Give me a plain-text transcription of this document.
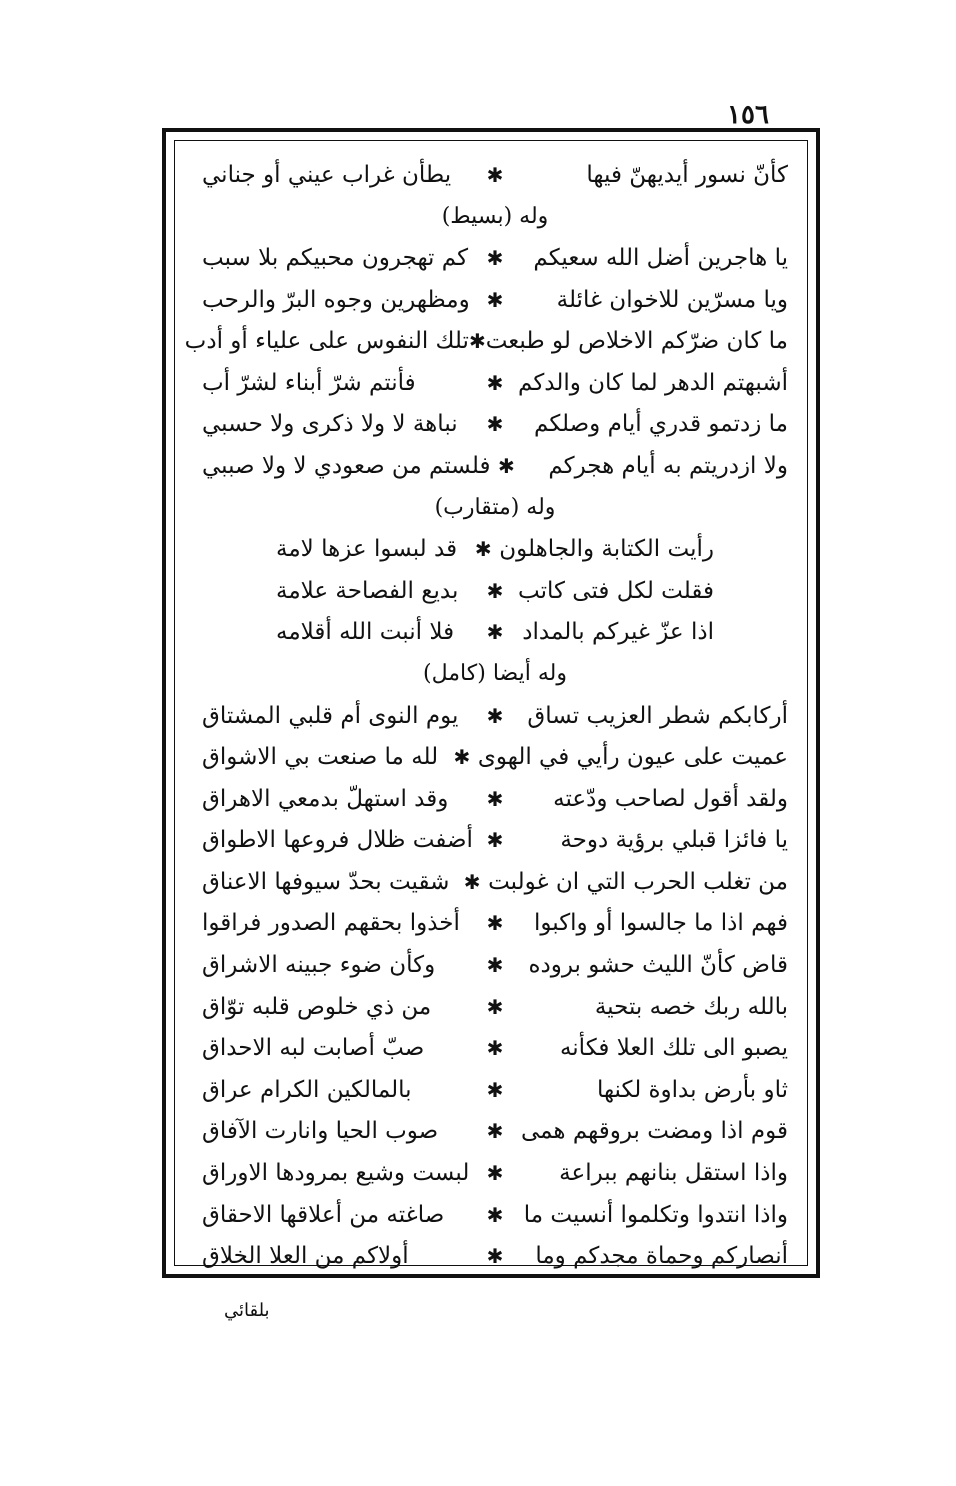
١٥٦
كأنّ نسور أيديهنّ فيها
✱
يطأن غراب عيني أو جناني
وله (بسيط)
يا هاجرين أضل الله سعيكم
✱
كم تهجرون محبيكم بلا سبب
ويا مسرّين للاخوان غائلة
✱
ومظهرين وجوه البرّ والرحب
ما كان ضرّكم الاخلاص لو طبعت
✱
تلك النفوس على علياء أو أدب
أشبهتم الدهر لما كان والدكم
✱
فأنتم شرّ أبناء لشرّ أب
ما زدتمو قدري أيام وصلكم
✱
نباهة لا ولا ذكرى ولا حسبي
ولا ازدريتم به أيام هجركم
✱
فلستم من صعودي لا ولا صببي
وله (متقارب)
رأيت الكتابة والجاهلون
✱
قد لبسوا عزها لامة
فقلت لكل فتى كاتب
✱
بديع الفصاحة علامة
اذا عزّ غيركم بالمداد
✱
فلا أنبت الله أقلامه
وله أيضا (كامل)
أركابكم شطر العزيب تساق
✱
يوم النوى أم قلبي المشتاق
عميت على عيون رأيي في الهوى
✱
لله ما صنعت بي الاشواق
ولقد أقول لصاحب ودّعته
✱
وقد استهلّ بدمعي الاهراق
يا فائزا قبلي برؤية دوحة
✱
أضفت ظلال فروعها الاطواق
من تغلب الحرب التي ان غولبت
✱
شقيت بحدّ سيوفها الاعناق
فهم اذا ما جالسوا أو واكبوا
✱
أخذوا بحقهم الصدور فراقوا
قاض كأنّ الليث حشو بروده
✱
وكأن ضوء جبينه الاشراق
بالله ربك خصه بتحية
✱
من ذي خلوص قلبه توّاق
يصبو الى تلك العلا فكأنه
✱
صبّ أصابت لبه الاحداق
ثاو بأرض بداوة لكنها
✱
بالمالكين الكرام عراق
قوم اذا ومضت بروقهم همى
✱
صوب الحيا وانارت الآفاق
واذا استقل بنانهم ببراعة
✱
لبست وشيع بمرودها الاوراق
واذا انتدوا وتكلموا أنسيت ما
✱
صاغته من أعلاقها الاحقاق
أنصاركم وحماة مجدكم وما
✱
أولاكم من العلا الخلاق
بلقائي
